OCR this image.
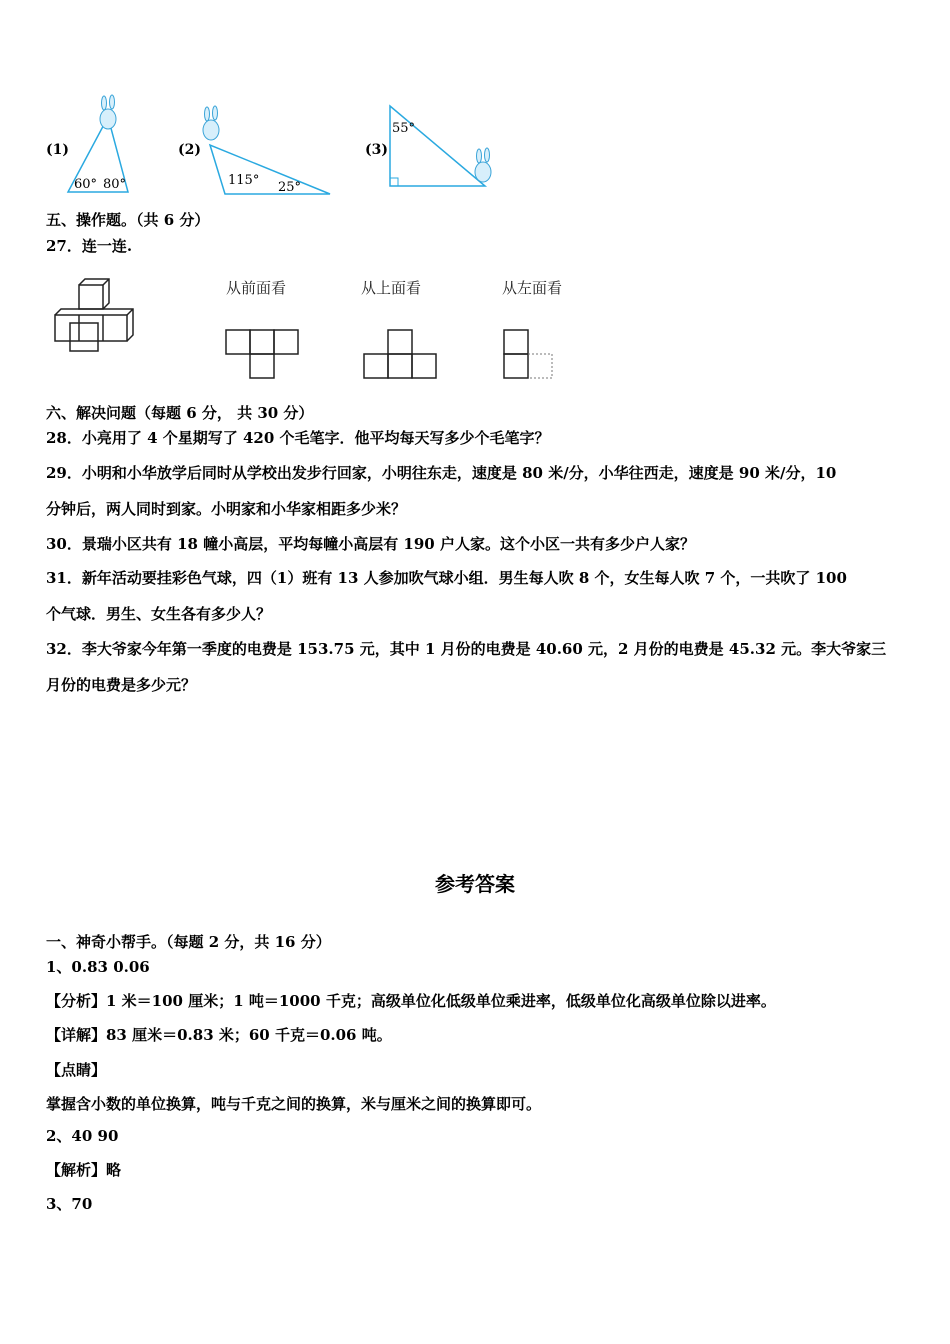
(1)
60° 80°
(2)
115° 25°
(3)
55°
五、操作题。（共 6 分）
27．连一连.
从前面看	从上面看	从左面看
六、解决问题（每题 6 分， 共 30 分）
28．小亮用了 4 个星期写了 420 个毛笔字．他平均每天写多少个毛笔字？
29．小明和小华放学后同时从学校出发步行回家，小明往东走，速度是 80 米/分，小华往西走，速度是 90 米/分，10
分钟后，两人同时到家。小明家和小华家相距多少米？
30．景瑞小区共有 18 幢小高层，平均每幢小高层有 190 户人家。这个小区一共有多少户人家？
31．新年活动要挂彩色气球，四（1）班有 13 人参加吹气球小组．男生每人吹 8 个，女生每人吹 7 个，一共吹了 100
个气球．男生、女生各有多少人？
32．李大爷家今年第一季度的电费是 153.75 元，其中 1 月份的电费是 40.60 元，2 月份的电费是 45.32 元。李大爷家三
月份的电费是多少元？
参考答案
一、神奇小帮手。（每题 2 分，共 16 分）
1、0.83 0.06
【分析】1 米＝100 厘米；1 吨＝1000 千克；高级单位化低级单位乘进率，低级单位化高级单位除以进率。
【详解】83 厘米＝0.83 米；60 千克＝0.06 吨。
【点睛】
掌握含小数的单位换算，吨与千克之间的换算，米与厘米之间的换算即可。
2、40 90
【解析】略
3、70
